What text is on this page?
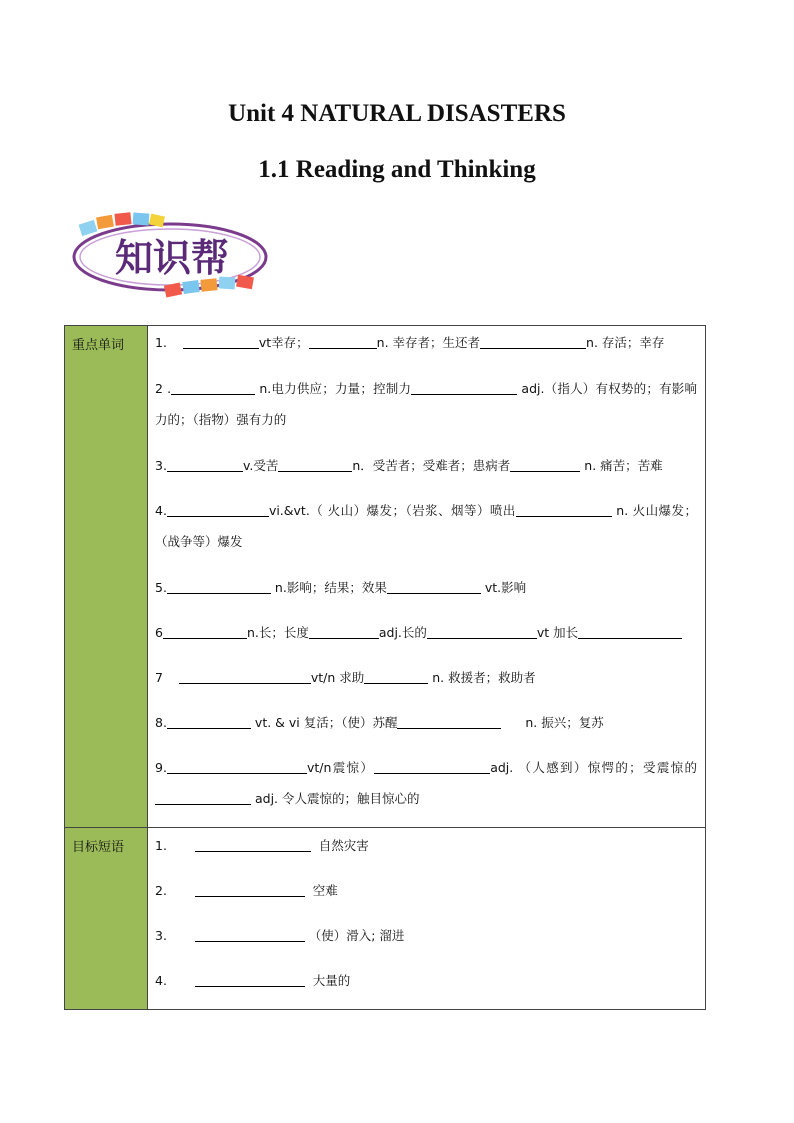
Unit 4 NATURAL DISASTERS
1.1 Reading and Thinking
知识帮
重点单词 1.	vt幸存；	n. 幸存者；生还者	n. 存活；幸存
2 .	n.电力供应；力量；控制力	adj.（指人）有权势的；有影响力的；（指物）强有力的
3.	v.受苦	n．受苦者；受难者；患病者	n. 痛苦；苦难
4.	vi.&vt.（ 火山）爆发；（岩浆、烟等）喷出	n. 火山爆发；（战争等）爆发
5.	n.影响；结果；效果	vt.影响
6	n.长；长度	adj.长的	vt 加长
7	vt/n 求助	n. 救援者；救助者
8.	vt. & vi 复活；（使）苏醒	n. 振兴；复苏
9.	vt/n震惊）	adj. （人感到）惊愕的；受震惊的  adj. 令人震惊的；触目惊心的
目标短语 1.	自然灾害
2.	空难
3.	（使）滑入; 溜进
4.	大量的
